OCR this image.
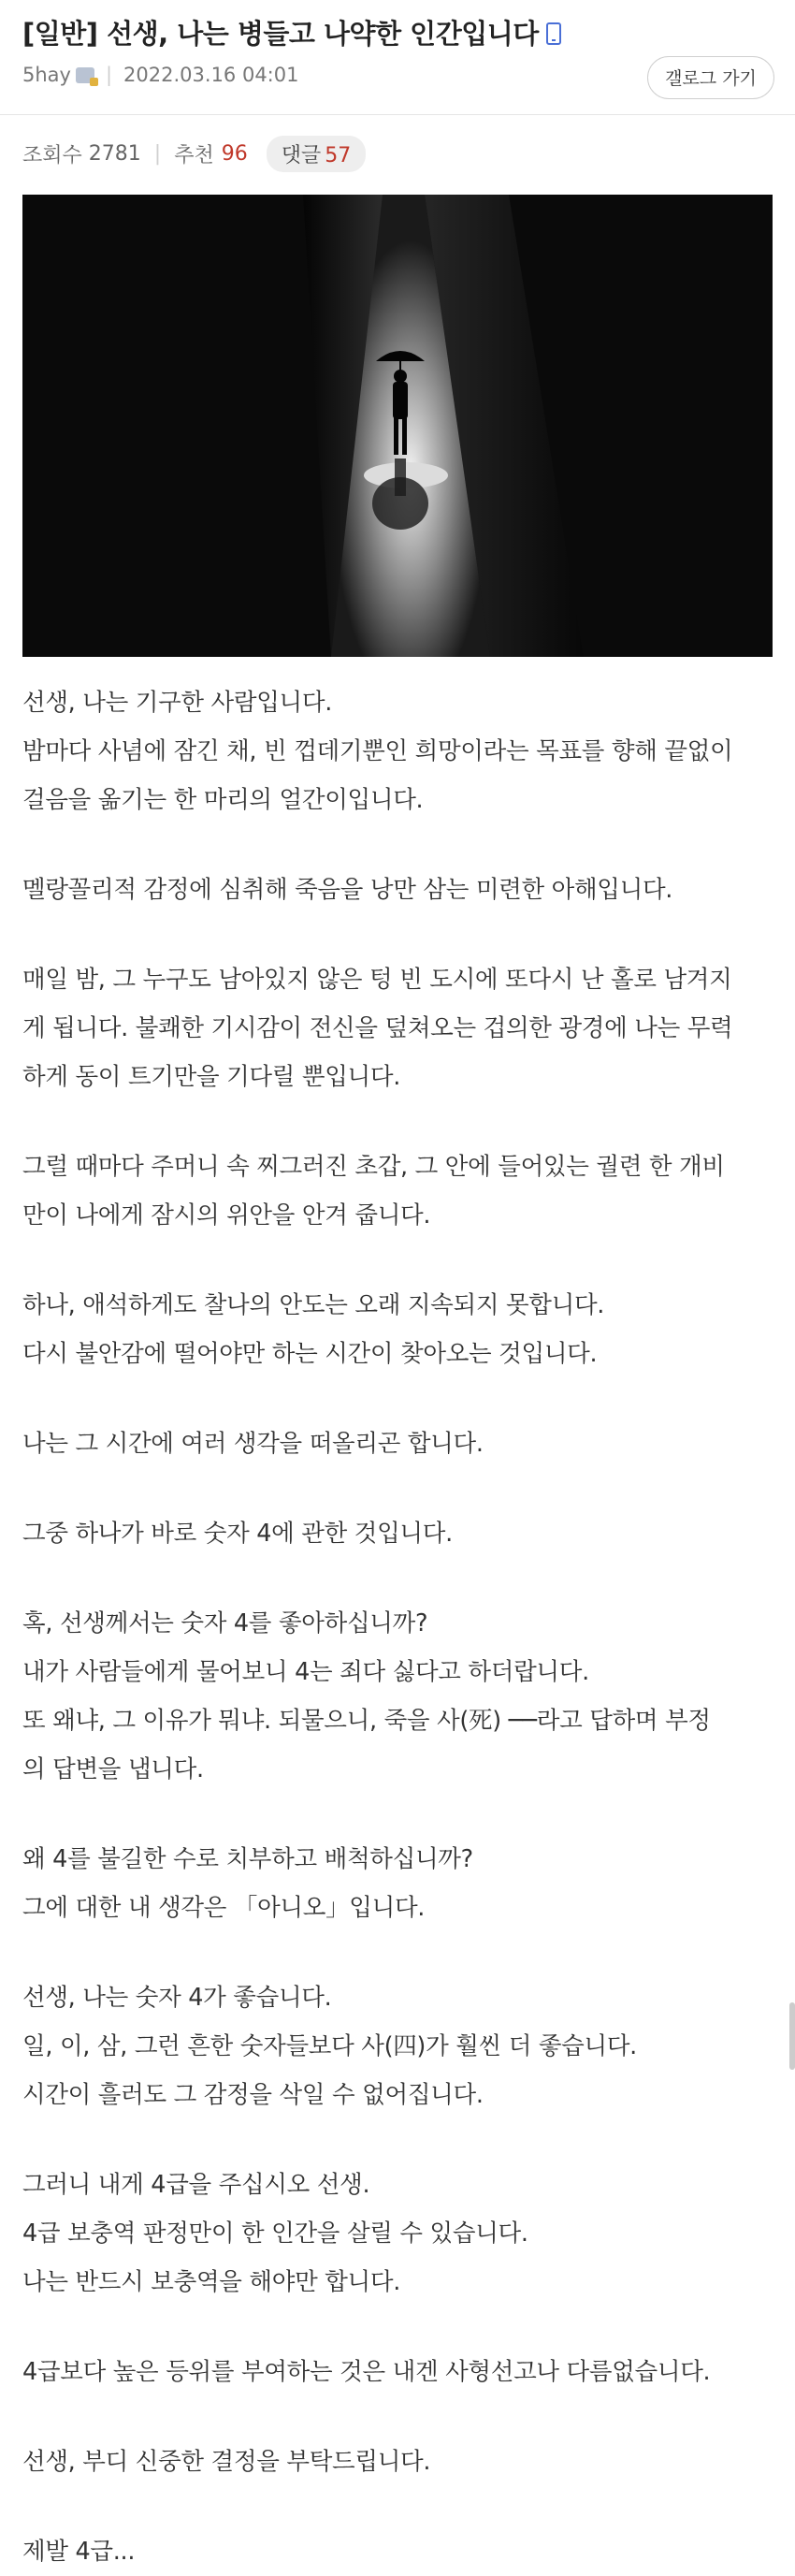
[일반] 선생, 나는 병들고 나약한 인간입니다
5hay | 2022.03.16 04:01	갤로그 가기
조회수
2781 | 추천 96	댓글 57
선생, 나는 기구한 사람입니다.
밤마다 사념에 잠긴 채, 빈 껍데기뿐인 희망이라는 목표를 향해 끝없이
걸음을 옮기는 한 마리의 얼간이입니다.
멜랑꼴리적 감정에 심취해 죽음을 낭만 삼는 미련한 아해입니다.
매일 밤, 그 누구도 남아있지 않은 텅 빈 도시에 또다시 난 홀로 남겨지
게 됩니다. 불쾌한 기시감이 전신을 덮쳐오는 겁의한 광경에 나는 무력
하게 동이 트기만을 기다릴 뿐입니다.
그럴 때마다 주머니 속 찌그러진 초갑, 그 안에 들어있는 궐련 한 개비
만이 나에게 잠시의 위안을 안겨 줍니다.
하나, 애석하게도 찰나의 안도는 오래 지속되지 못합니다.
다시 불안감에 떨어야만 하는 시간이 찾아오는 것입니다.
나는 그 시간에 여러 생각을 떠올리곤 합니다.
그중 하나가 바로 숫자 4에 관한 것입니다.
혹, 선생께서는 숫자 4를 좋아하십니까?
내가 사람들에게 물어보니 4는 죄다 싫다고 하더랍니다.
또 왜냐, 그 이유가 뭐냐. 되물으니, 죽을 사(死) ──라고 답하며 부정
의 답변을 냅니다.
왜 4를 불길한 수로 치부하고 배척하십니까?
그에 대한 내 생각은 「아니오」입니다.
선생, 나는 숫자 4가 좋습니다.
일, 이, 삼, 그런 흔한 숫자들보다 사(四)가 훨씬 더 좋습니다.
시간이 흘러도 그 감정을 삭일 수 없어집니다.
그러니 내게 4급을 주십시오 선생.
4급 보충역 판정만이 한 인간을 살릴 수 있습니다.
나는 반드시 보충역을 해야만 합니다.
4급보다 높은 등위를 부여하는 것은 내겐 사형선고나 다름없습니다.
선생, 부디 신중한 결정을 부탁드립니다.
제발 4급...
